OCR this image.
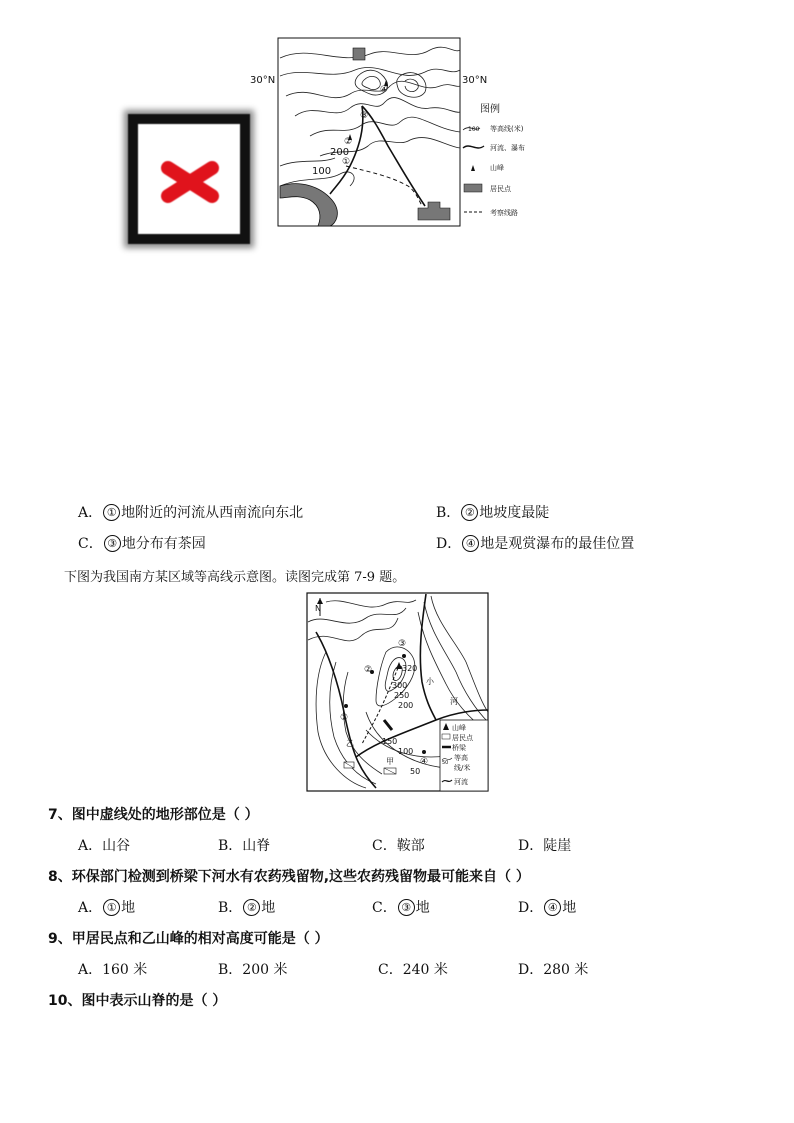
30°N	30°N
200
100
①
②
③
④
图例
100 等高线(米)
河流、瀑布
山峰
居民点
考察线路
A． ① 地附近的河流从西南流向东北	B． ② 地坡度最陡
C． ③ 地分布有茶园	D． ④ 地是观赏瀑布的最佳位置
下图为我国南方某区域等高线示意图。读图完成第 7-9 题。
N
①
②
③
④
320
300
250
200
150
100
50
甲
乙
小
河
山峰
居民点
桥梁
50
等高
线/米
河流
7、图中虚线处的地形部位是（ ）
A．山谷	B．山脊	C．鞍部	D．陡崖
8、环保部门检测到桥梁下河水有农药残留物,这些农药残留物最可能来自（ ）
A． ① 地	B． ② 地	C． ③ 地	D． ④ 地
9、甲居民点和乙山峰的相对高度可能是（ ）
A．160 米	B．200 米	C．240 米	D．280 米
10、图中表示山脊的是（ ）
